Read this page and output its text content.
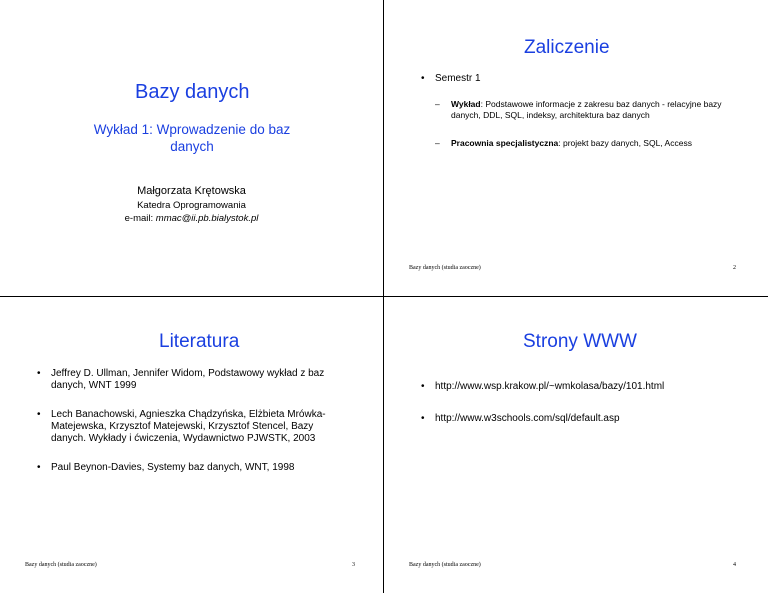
Bazy danych
Wykład 1: Wprowadzenie do baz danych
Małgorzata Krętowska
Katedra Oprogramowania
e-mail: mmac@ii.pb.bialystok.pl
Zaliczenie
• Semestr 1
–	Wykład: Podstawowe informacje z zakresu baz danych - relacyjne bazy danych, DDL, SQL, indeksy, architektura baz danych
–	Pracownia specjalistyczna: projekt bazy danych, SQL, Access
Bazy danych (studia zaoczne)	2
Literatura
• Jeffrey D. Ullman, Jennifer Widom, Podstawowy wykład z baz danych, WNT 1999
• Lech Banachowski, Agnieszka Chądzyńska, Elżbieta Mrówka-Matejewska, Krzysztof Matejewski, Krzysztof Stencel, Bazy danych. Wykłady i ćwiczenia, Wydawnictwo PJWSTK, 2003
• Paul Beynon-Davies, Systemy baz danych, WNT, 1998
Bazy danych (studia zaoczne)	3
Strony WWW
• http://www.wsp.krakow.pl/~wmkolasa/bazy/101.html
• http://www.w3schools.com/sql/default.asp
Bazy danych (studia zaoczne)	4
